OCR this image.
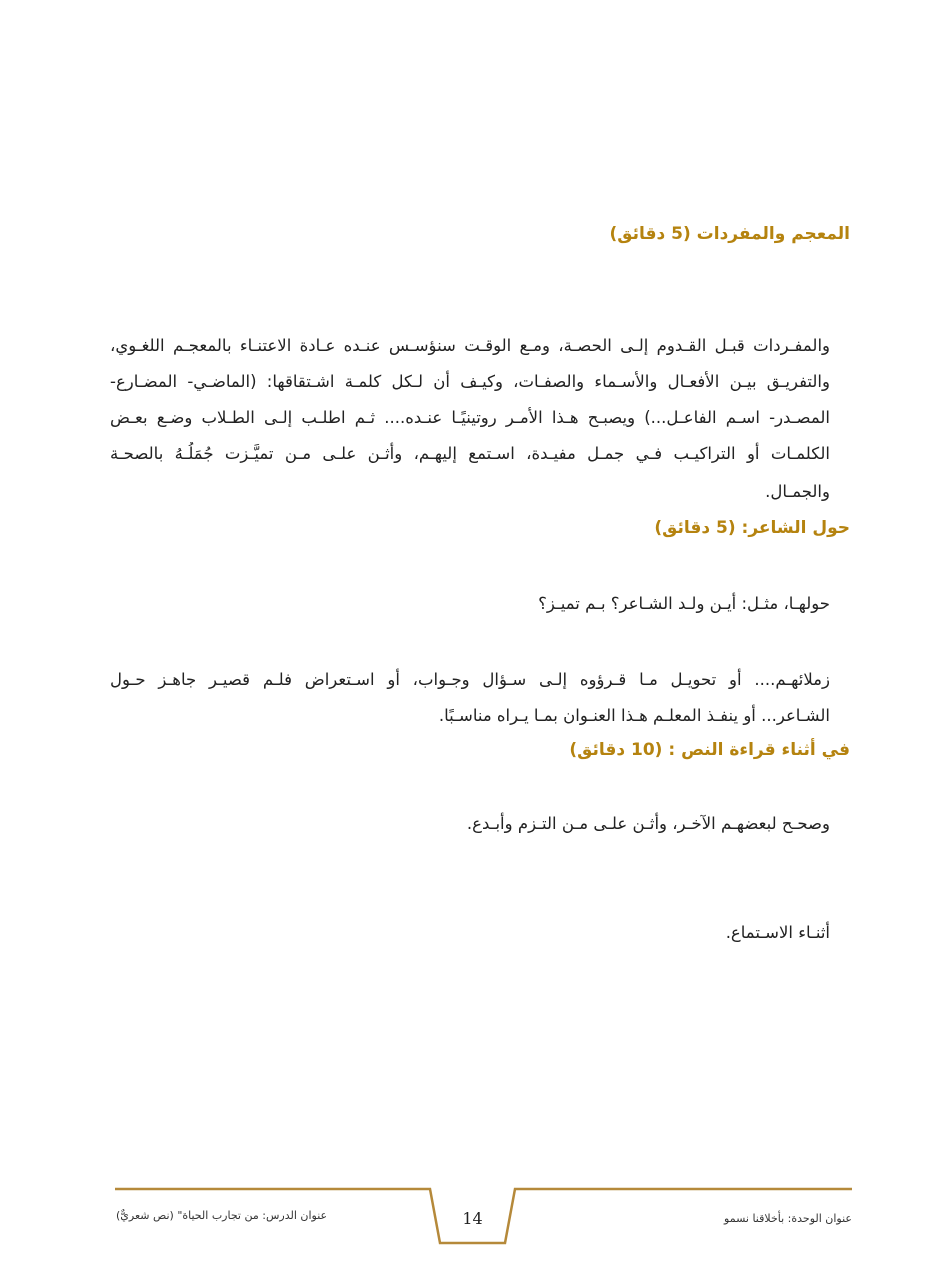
المعجم والمفردات (5 دقائق)
والمفـردات قبـل القـدوم إلـى الحصـة، ومـع الوقـت سنؤسـس عنـده عـادة الاعتنـاء بالمعجـم اللغـوي،
والتفريـق بيـن الأفعـال والأسـماء والصفـات، وكيـف أن لـكل كلمـة اشـتقاقها: (الماضـي- المضـارع-
المصـدر- اسـم الفاعـل...) ويصبـح هـذا الأمـر روتينيًـا عنـده.... ثـم اطلـب إلـى الطـلاب وضـع بعـض
الكلمـات أو التراكيـب فـي جمـل مفيـدة، اسـتمع إليهـم، وأثـن علـى مـن تميَّـزت جُمَلُـهُ بالصحـة
والجمـال.
حول الشاعر: (5 دقائق)
حولهـا، مثـل: أيـن ولـد الشـاعر؟ بـم تميـز؟
زملائهـم.... أو تحويـل مـا قـرؤوه إلـى سـؤال وجـواب، أو اسـتعراض فلـم قصيـر جاهـز حـول
الشـاعر... أو ينفـذ المعلـم هـذا العنـوان بمـا يـراه مناسـبًا.
في أثناء قراءة النص : (10 دقائق)
وصحـح لبعضهـم الآخـر، وأثـن علـى مـن التـزم وأبـدع.
أثنـاء الاسـتماع.
عنوان الوحدة: بأخلاقنا نسمو
عنوان الدرس: من تجارب الحياة" (نص شعريٌّ)	14
